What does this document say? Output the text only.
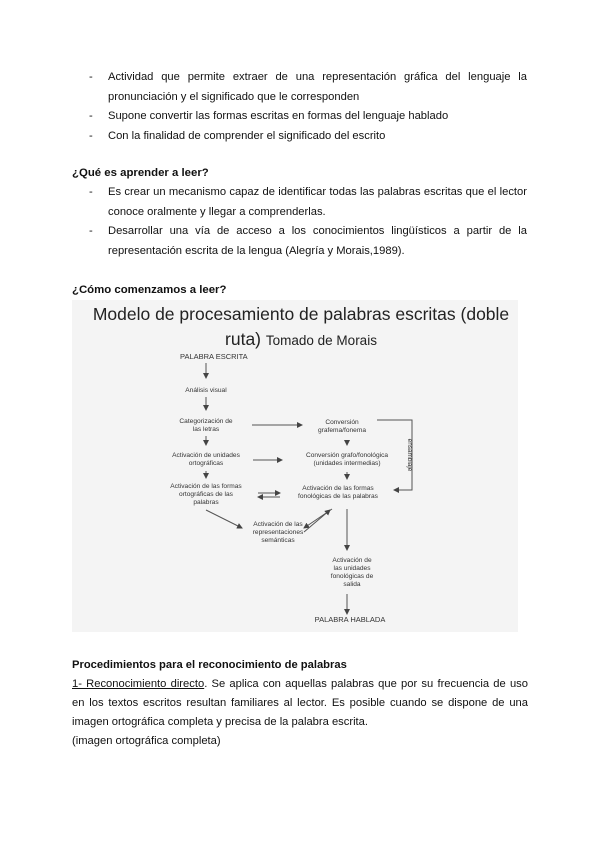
- Actividad que permite extraer de una representación gráfica del lenguaje la pronunciación y el significado que le corresponden
- Supone convertir las formas escritas en formas del lenguaje hablado
- Con la finalidad de comprender el significado del escrito
¿Qué es aprender a leer?
- Es crear un mecanismo capaz de identificar todas las palabras escritas que el lector conoce oralmente y llegar a comprenderlas.
- Desarrollar una vía de acceso a los conocimientos lingüísticos a partir de la representación escrita de la lengua (Alegría y Morais,1989).
¿Cómo comenzamos a leer?
Modelo de procesamiento de palabras escritas (doble
ruta) Tomado de Morais
PALABRA ESCRITA
Análisis visual
Categorización de
las letras
Conversión
grafema/fonema
Activación de unidades
ortográficas
Conversión grafo/fonológica
(unidades intermedias)
Activación de las formas
ortográficas de las
palabras
Activación de las formas
fonológicas de las palabras
Activación de las
representaciones
semánticas
Activación de
las unidades
fonológicas de
salida
PALABRA HABLADA
ensamblaje
Procedimientos para el reconocimiento de palabras
1- Reconocimiento directo. Se aplica con aquellas palabras que por su frecuencia de uso en los textos escritos resultan familiares al lector. Es posible cuando se dispone de una imagen ortográfica completa y precisa de la palabra escrita.
(imagen ortográfica completa)
